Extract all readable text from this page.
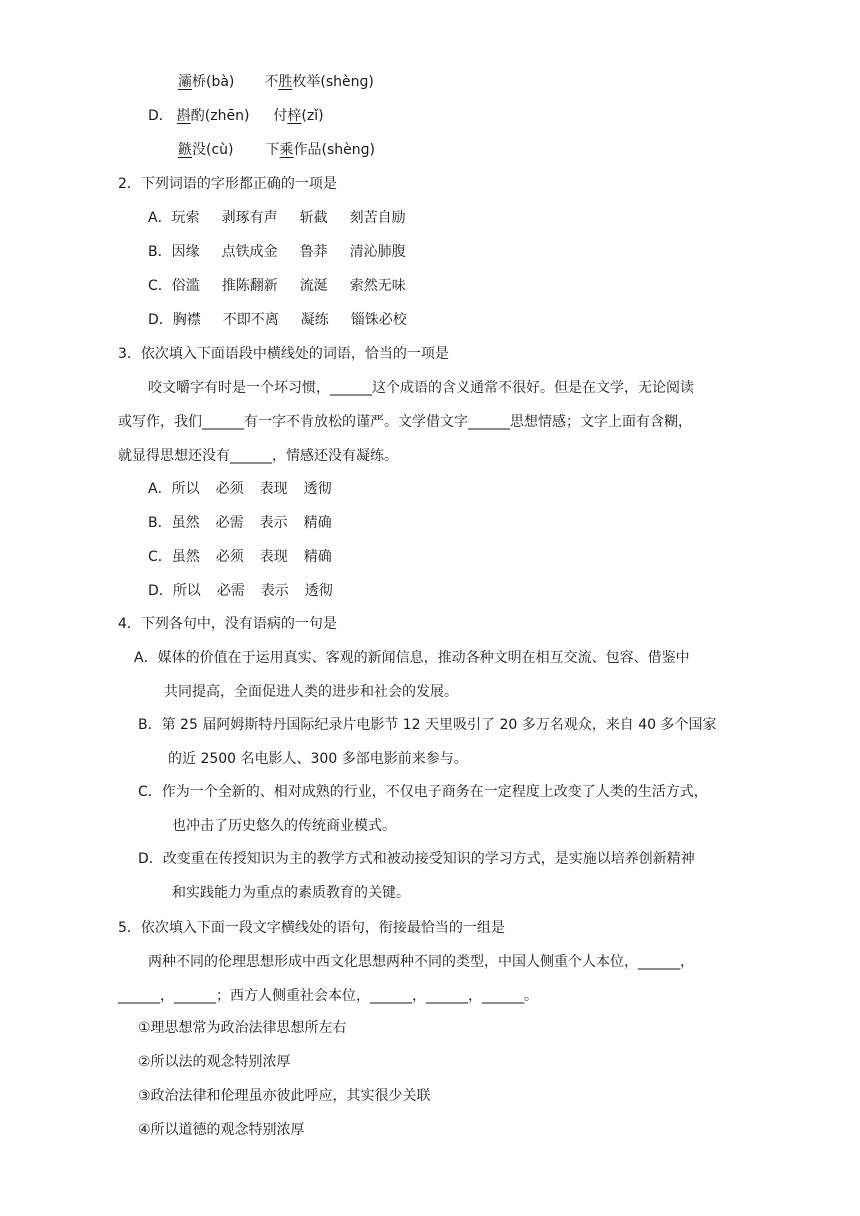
灞桥(bà) 不胜枚举(shènɡ)
D． 斟酌(zhēn) 付梓(zǐ)
鏃没(cù) 下乘作品(shènɡ)
2．下列词语的字形都正确的一项是
A．玩索 剥琢有声 斩截 刻苦自励
B．因缘 点铁成金 鲁莽 清沁肺腹
C．俗滥 推陈翻新 流涎 索然无味
D．胸襟 不即不离 凝练 锱铢必校
3．依次填入下面语段中横线处的词语，恰当的一项是
咬文嚼字有时是一个坏习惯，______这个成语的含义通常不很好。但是在文学，无论阅读
或写作，我们______有一字不肯放松的谨严。文学借文字______思想情感；文字上面有含糊，
就显得思想还没有______，情感还没有凝练。
A．所以 必须 表现 透彻
B．虽然 必需 表示 精确
C．虽然 必须 表现 精确
D．所以 必需 表示 透彻
4．下列各句中，没有语病的一句是
A．媒体的价值在于运用真实、客观的新闻信息，推动各种文明在相互交流、包容、借鉴中
共同提高，全面促进人类的进步和社会的发展。
B．第 25 届阿姆斯特丹国际纪录片电影节 12 天里吸引了 20 多万名观众，来自 40 多个国家
的近 2500 名电影人、300 多部电影前来参与。
C．作为一个全新的、相对成熟的行业，不仅电子商务在一定程度上改变了人类的生活方式，
也冲击了历史悠久的传统商业模式。
D．改变重在传授知识为主的教学方式和被动接受知识的学习方式，是实施以培养创新精神
和实践能力为重点的素质教育的关键。
5．依次填入下面一段文字横线处的语句，衔接最恰当的一组是
两种不同的伦理思想形成中西文化思想两种不同的类型，中国人侧重个人本位，______，
______，______；西方人侧重社会本位，______，______，______。
①理思想常为政治法律思想所左右
②所以法的观念特别浓厚
③政治法律和伦理虽亦彼此呼应，其实很少关联
④所以道德的观念特别浓厚
